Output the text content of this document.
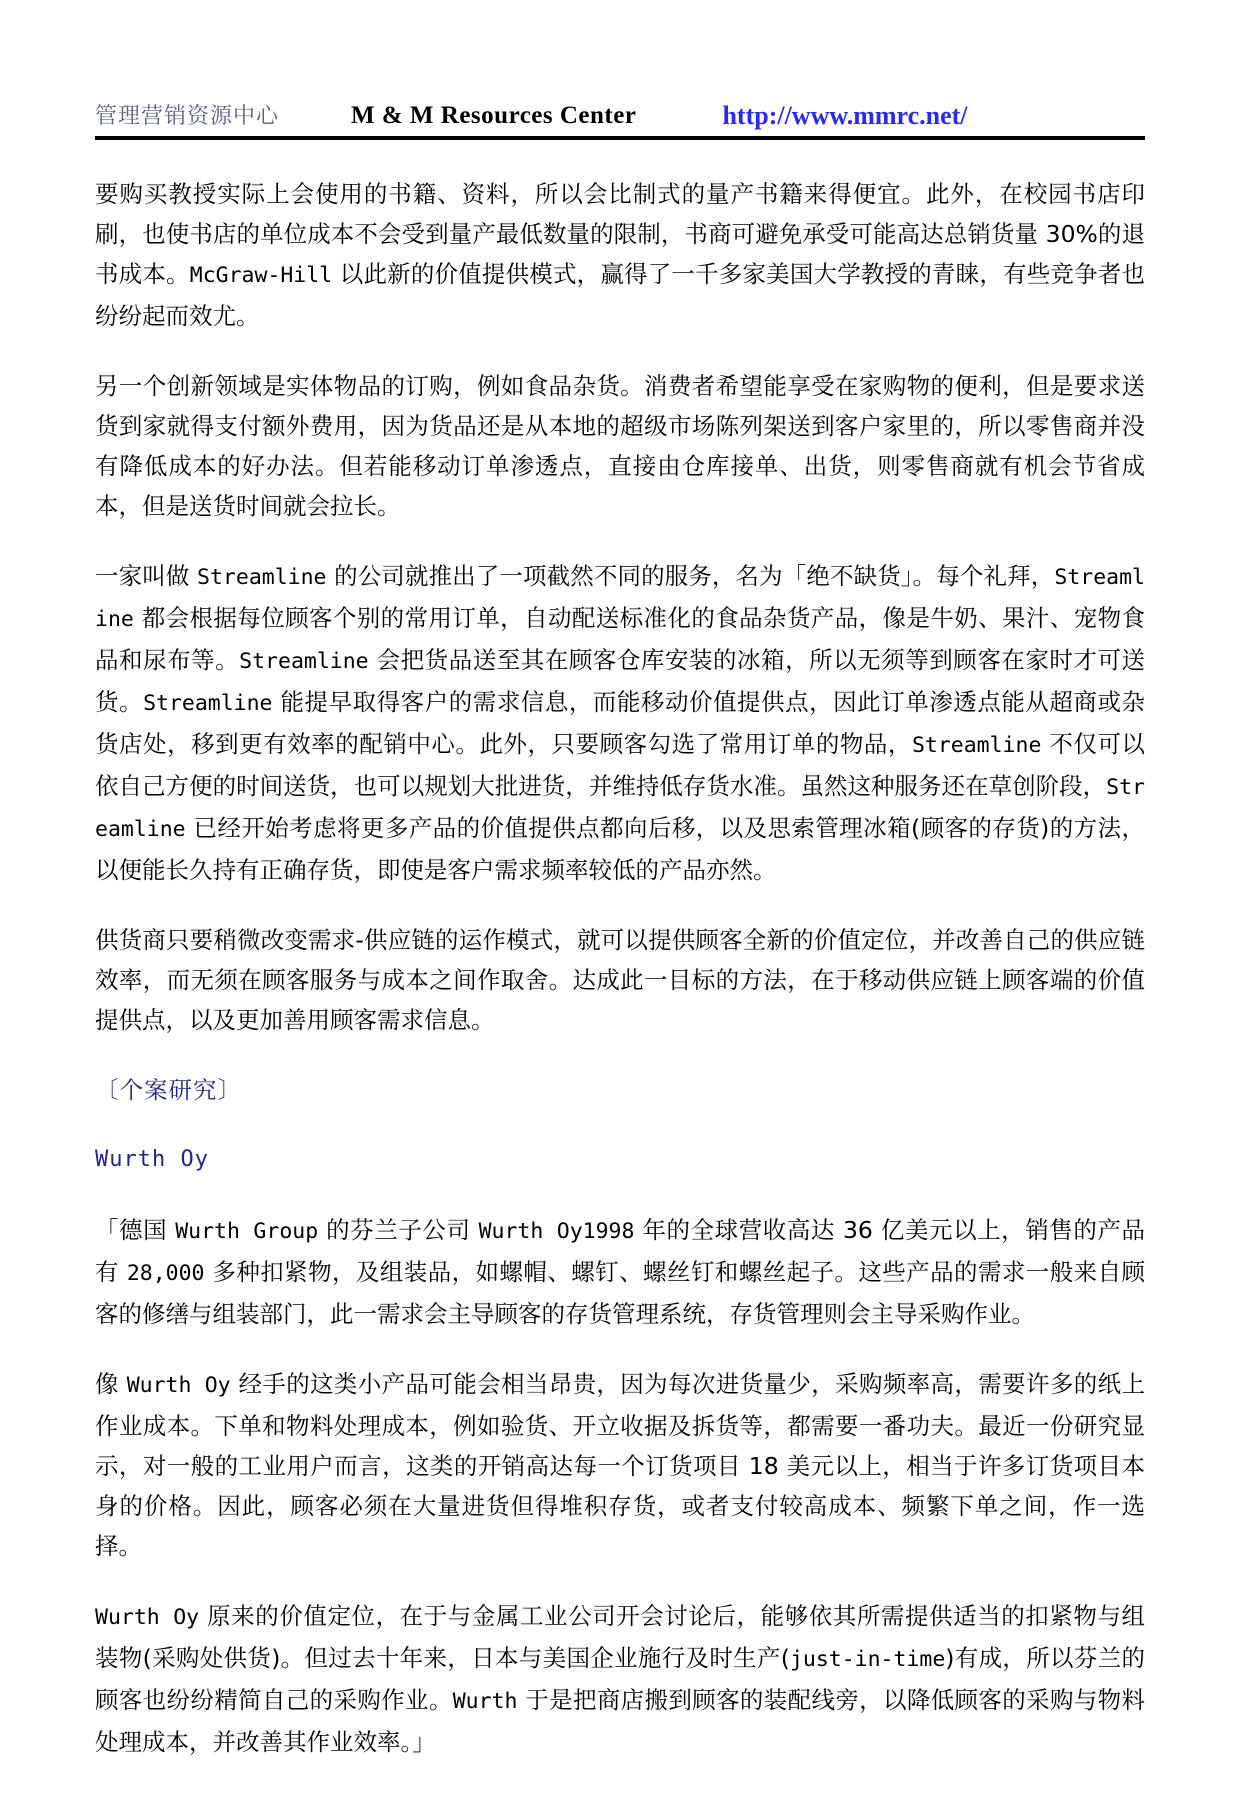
管理营销资源中心	M & M Resources Center	http://www.mmrc.net/

要购买教授实际上会使用的书籍、资料，所以会比制式的量产书籍来得便宜。此外，在校园书店印刷，也使书店的单位成本不会受到量产最低数量的限制，书商可避免承受可能高达总销货量 30%的退书成本。McGraw-Hill 以此新的价值提供模式，赢得了一千多家美国大学教授的青睐，有些竞争者也纷纷起而效尤。

另一个创新领域是实体物品的订购，例如食品杂货。消费者希望能享受在家购物的便利，但是要求送货到家就得支付额外费用，因为货品还是从本地的超级市场陈列架送到客户家里的，所以零售商并没有降低成本的好办法。但若能移动订单渗透点，直接由仓库接单、出货，则零售商就有机会节省成本，但是送货时间就会拉长。

一家叫做 Streamline 的公司就推出了一项截然不同的服务，名为「绝不缺货」。每个礼拜，Streamline 都会根据每位顾客个别的常用订单，自动配送标准化的食品杂货产品，像是牛奶、果汁、宠物食品和尿布等。Streamline 会把货品送至其在顾客仓库安装的冰箱，所以无须等到顾客在家时才可送货。Streamline 能提早取得客户的需求信息，而能移动价值提供点，因此订单渗透点能从超商或杂货店处，移到更有效率的配销中心。此外，只要顾客勾选了常用订单的物品，Streamline 不仅可以依自己方便的时间送货，也可以规划大批进货，并维持低存货水准。虽然这种服务还在草创阶段，Streamline 已经开始考虑将更多产品的价值提供点都向后移，以及思索管理冰箱(顾客的存货)的方法，以便能长久持有正确存货，即使是客户需求频率较低的产品亦然。

供货商只要稍微改变需求-供应链的运作模式，就可以提供顾客全新的价值定位，并改善自己的供应链效率，而无须在顾客服务与成本之间作取舍。达成此一目标的方法，在于移动供应链上顾客端的价值提供点，以及更加善用顾客需求信息。

〔个案研究〕
Wurth Oy

「德国 Wurth Group 的芬兰子公司 Wurth Oy1998 年的全球营收高达 36 亿美元以上，销售的产品有 28,000 多种扣紧物，及组装品，如螺帽、螺钉、螺丝钉和螺丝起子。这些产品的需求一般来自顾客的修缮与组装部门，此一需求会主导顾客的存货管理系统，存货管理则会主导采购作业。

像 Wurth Oy 经手的这类小产品可能会相当昂贵，因为每次进货量少，采购频率高，需要许多的纸上作业成本。下单和物料处理成本，例如验货、开立收据及拆货等，都需要一番功夫。最近一份研究显示，对一般的工业用户而言，这类的开销高达每一个订货项目 18 美元以上，相当于许多订货项目本身的价格。因此，顾客必须在大量进货但得堆积存货，或者支付较高成本、频繁下单之间，作一选择。

Wurth Oy 原来的价值定位，在于与金属工业公司开会讨论后，能够依其所需提供适当的扣紧物与组装物(采购处供货)。但过去十年来，日本与美国企业施行及时生产(just-in-time)有成，所以芬兰的顾客也纷纷精简自己的采购作业。Wurth 于是把商店搬到顾客的装配线旁，以降低顾客的采购与物料处理成本，并改善其作业效率。」
